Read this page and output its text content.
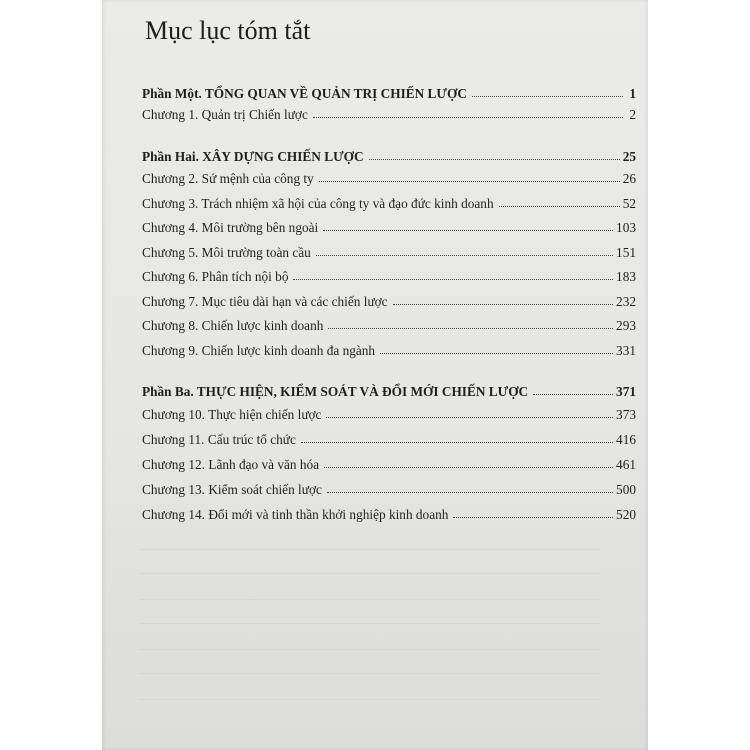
Mục lục tóm tắt
Phần Một. TỔNG QUAN VỀ QUẢN TRỊ CHIẾN LƯỢC	1
Chương 1. Quản trị Chiến lược	2
Phần Hai. XÂY DỰNG CHIẾN LƯỢC	25
Chương 2. Sứ mệnh của công ty	26
Chương 3. Trách nhiệm xã hội của công ty và đạo đức kinh doanh	52
Chương 4. Môi trường bên ngoài	103
Chương 5. Môi trường toàn cầu	151
Chương 6. Phân tích nội bộ	183
Chương 7. Mục tiêu dài hạn và các chiến lược	232
Chương 8. Chiến lược kinh doanh	293
Chương 9. Chiến lược kinh doanh đa ngành	331
Phần Ba. THỰC HIỆN, KIỂM SOÁT VÀ ĐỔI MỚI CHIẾN LƯỢC	371
Chương 10. Thực hiện chiến lược	373
Chương 11. Cấu trúc tổ chức	416
Chương 12. Lãnh đạo và văn hóa	461
Chương 13. Kiểm soát chiến lược	500
Chương 14. Đổi mới và tinh thần khởi nghiệp kinh doanh	520
